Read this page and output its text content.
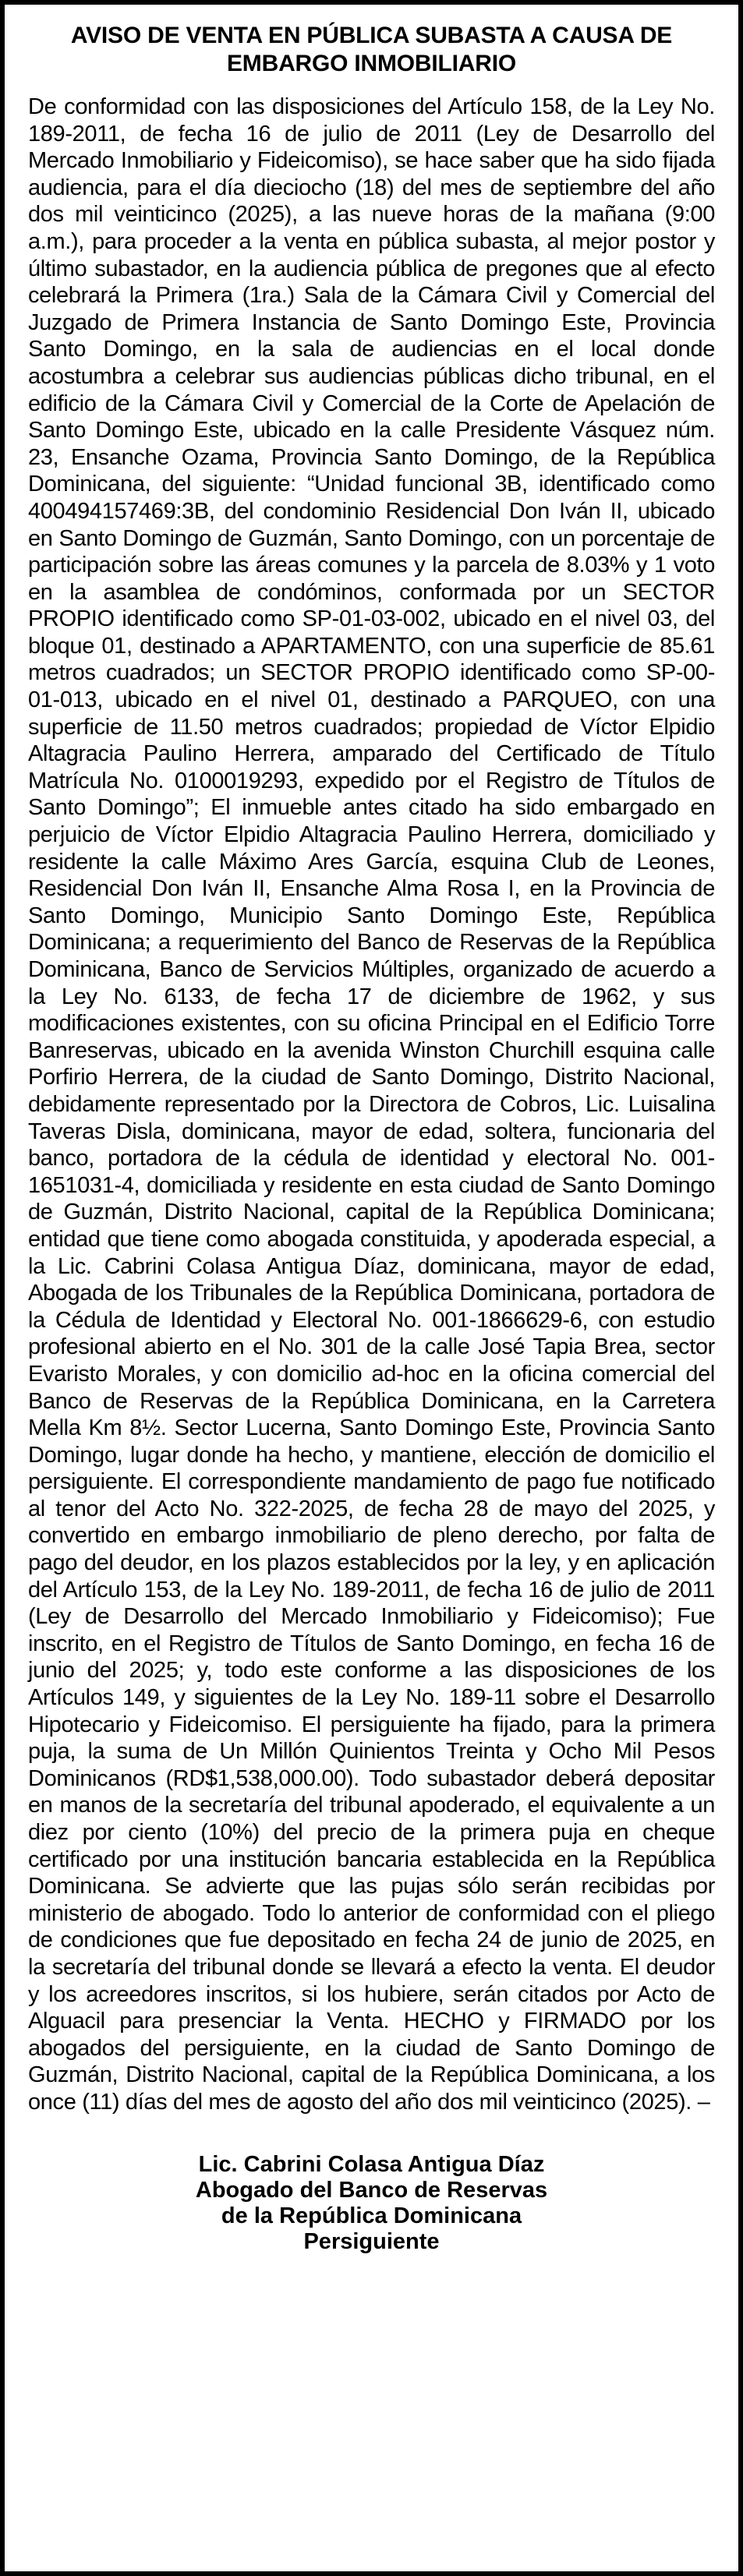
AVISO DE VENTA EN PÚBLICA SUBASTA A CAUSA DE
EMBARGO INMOBILIARIO

De conformidad con las disposiciones del Artículo 158, de la Ley No. 189-2011, de fecha 16 de julio de 2011 (Ley de Desarrollo del Mercado Inmobiliario y Fideicomiso), se hace saber que ha sido fijada audiencia, para el día dieciocho (18) del mes de septiembre del año dos mil veinticinco (2025), a las nueve horas de la mañana (9:00 a.m.), para proceder a la venta en pública subasta, al mejor postor y último subastador, en la audiencia pública de pregones que al efecto celebrará la Primera (1ra.) Sala de la Cámara Civil y Comercial del Juzgado de Primera Instancia de Santo Domingo Este, Provincia Santo Domingo, en la sala de audiencias en el local donde acostumbra a celebrar sus audiencias públicas dicho tribunal, en el edificio de la Cámara Civil y Comercial de la Corte de Apelación de Santo Domingo Este, ubicado en la calle Presidente Vásquez núm. 23, Ensanche Ozama, Provincia Santo Domingo, de la República Dominicana, del siguiente: “Unidad funcional 3B, identificado como 400494157469:3B, del condominio Residencial Don Iván II, ubicado en Santo Domingo de Guzmán, Santo Domingo, con un porcentaje de participación sobre las áreas comunes y la parcela de 8.03% y 1 voto en la asamblea de condóminos, conformada por un SECTOR PROPIO identificado como SP-01-03-002, ubicado en el nivel 03, del bloque 01, destinado a APARTAMENTO, con una superficie de 85.61 metros cuadrados; un SECTOR PROPIO identificado como SP-00-01-013, ubicado en el nivel 01, destinado a PARQUEO, con una superficie de 11.50 metros cuadrados; propiedad de Víctor Elpidio Altagracia Paulino Herrera, amparado del Certificado de Título Matrícula No. 0100019293, expedido por el Registro de Títulos de Santo Domingo”; El inmueble antes citado ha sido embargado en perjuicio de Víctor Elpidio Altagracia Paulino Herrera, domiciliado y residente la calle Máximo Ares García, esquina Club de Leones, Residencial Don Iván II, Ensanche Alma Rosa I, en la Provincia de Santo Domingo, Municipio Santo Domingo Este, República Dominicana; a requerimiento del Banco de Reservas de la República Dominicana, Banco de Servicios Múltiples, organizado de acuerdo a la Ley No. 6133, de fecha 17 de diciembre de 1962, y sus modificaciones existentes, con su oficina Principal en el Edificio Torre Banreservas, ubicado en la avenida Winston Churchill esquina calle Porfirio Herrera, de la ciudad de Santo Domingo, Distrito Nacional, debidamente representado por la Directora de Cobros, Lic. Luisalina Taveras Disla, dominicana, mayor de edad, soltera, funcionaria del banco, portadora de la cédula de identidad y electoral No. 001-1651031-4, domiciliada y residente en esta ciudad de Santo Domingo de Guzmán, Distrito Nacional, capital de la República Dominicana; entidad que tiene como abogada constituida, y apoderada especial, a la Lic. Cabrini Colasa Antigua Díaz, dominicana, mayor de edad, Abogada de los Tribunales de la República Dominicana, portadora de la Cédula de Identidad y Electoral No. 001-1866629-6, con estudio profesional abierto en el No. 301 de la calle José Tapia Brea, sector Evaristo Morales, y con domicilio ad-hoc en la oficina comercial del Banco de Reservas de la República Dominicana, en la Carretera Mella Km 8½. Sector Lucerna, Santo Domingo Este, Provincia Santo Domingo, lugar donde ha hecho, y mantiene, elección de domicilio el persiguiente. El correspondiente mandamiento de pago fue notificado al tenor del Acto No. 322-2025, de fecha 28 de mayo del 2025, y convertido en embargo inmobiliario de pleno derecho, por falta de pago del deudor, en los plazos establecidos por la ley, y en aplicación del Artículo 153, de la Ley No. 189-2011, de fecha 16 de julio de 2011 (Ley de Desarrollo del Mercado Inmobiliario y Fideicomiso); Fue inscrito, en el Registro de Títulos de Santo Domingo, en fecha 16 de junio del 2025; y, todo este conforme a las disposiciones de los Artículos 149, y siguientes de la Ley No. 189-11 sobre el Desarrollo Hipotecario y Fideicomiso. El persiguiente ha fijado, para la primera puja, la suma de Un Millón Quinientos Treinta y Ocho Mil Pesos Dominicanos (RD$1,538,000.00). Todo subastador deberá depositar en manos de la secretaría del tribunal apoderado, el equivalente a un diez por ciento (10%) del precio de la primera puja en cheque certificado por una institución bancaria establecida en la República Dominicana. Se advierte que las pujas sólo serán recibidas por ministerio de abogado. Todo lo anterior de conformidad con el pliego de condiciones que fue depositado en fecha 24 de junio de 2025, en la secretaría del tribunal donde se llevará a efecto la venta. El deudor y los acreedores inscritos, si los hubiere, serán citados por Acto de Alguacil para presenciar la Venta. HECHO y FIRMADO por los abogados del persiguiente, en la ciudad de Santo Domingo de Guzmán, Distrito Nacional, capital de la República Dominicana, a los once (11) días del mes de agosto del año dos mil veinticinco (2025). –

Lic. Cabrini Colasa Antigua Díaz
Abogado del Banco de Reservas
de la República Dominicana
Persiguiente
